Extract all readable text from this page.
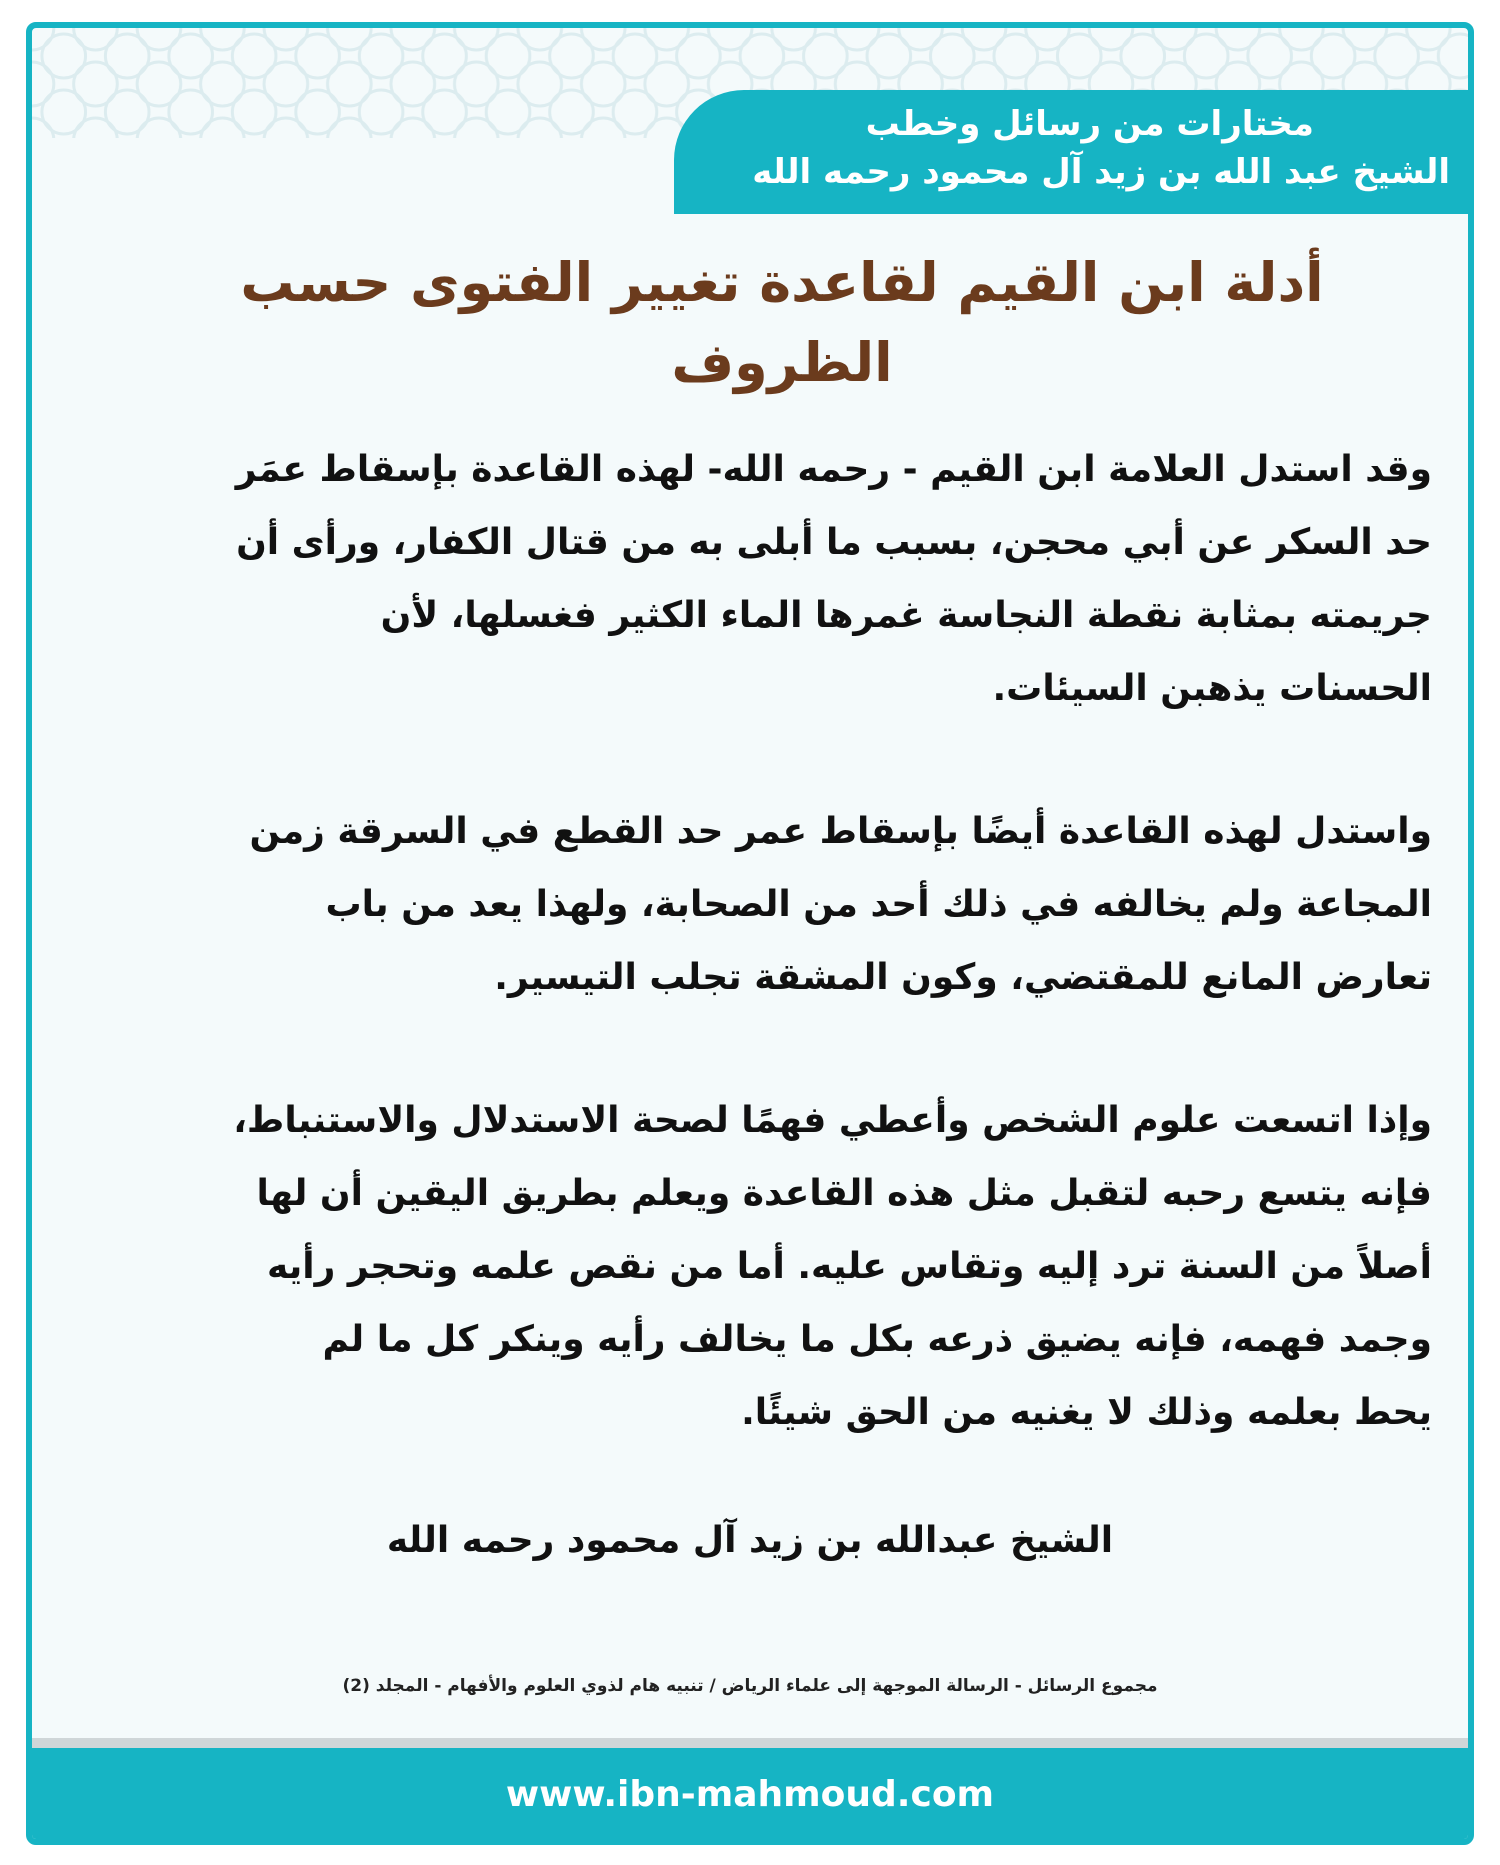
مختارات من رسائل وخطب
الشيخ عبد الله بن زيد آل محمود رحمه الله
أدلة ابن القيم لقاعدة تغيير الفتوى حسب
الظروف
وقد استدل العلامة ابن القيم - رحمه الله- لهذه القاعدة بإسقاط عمَر
حد السكر عن أبي محجن، بسبب ما أبلى به من قتال الكفار، ورأى أن
جريمته بمثابة نقطة النجاسة غمرها الماء الكثير فغسلها، لأن
الحسنات يذهبن السيئات.
واستدل لهذه القاعدة أيضًا بإسقاط عمر حد القطع في السرقة زمن
المجاعة ولم يخالفه في ذلك أحد من الصحابة، ولهذا يعد من باب
تعارض المانع للمقتضي، وكون المشقة تجلب التيسير.
وإذا اتسعت علوم الشخص وأعطي فهمًا لصحة الاستدلال والاستنباط،
فإنه يتسع رحبه لتقبل مثل هذه القاعدة ويعلم بطريق اليقين أن لها
أصلاً من السنة ترد إليه وتقاس عليه. أما من نقص علمه وتحجر رأيه
وجمد فهمه، فإنه يضيق ذرعه بكل ما يخالف رأيه وينكر كل ما لم
يحط بعلمه وذلك لا يغنيه من الحق شيئًا.
الشيخ عبدالله بن زيد آل محمود رحمه الله
مجموع الرسائل - الرسالة الموجهة إلى علماء الرياض / تنبيه هام لذوي العلوم والأفهام - المجلد (2)
www.ibn-mahmoud.com
